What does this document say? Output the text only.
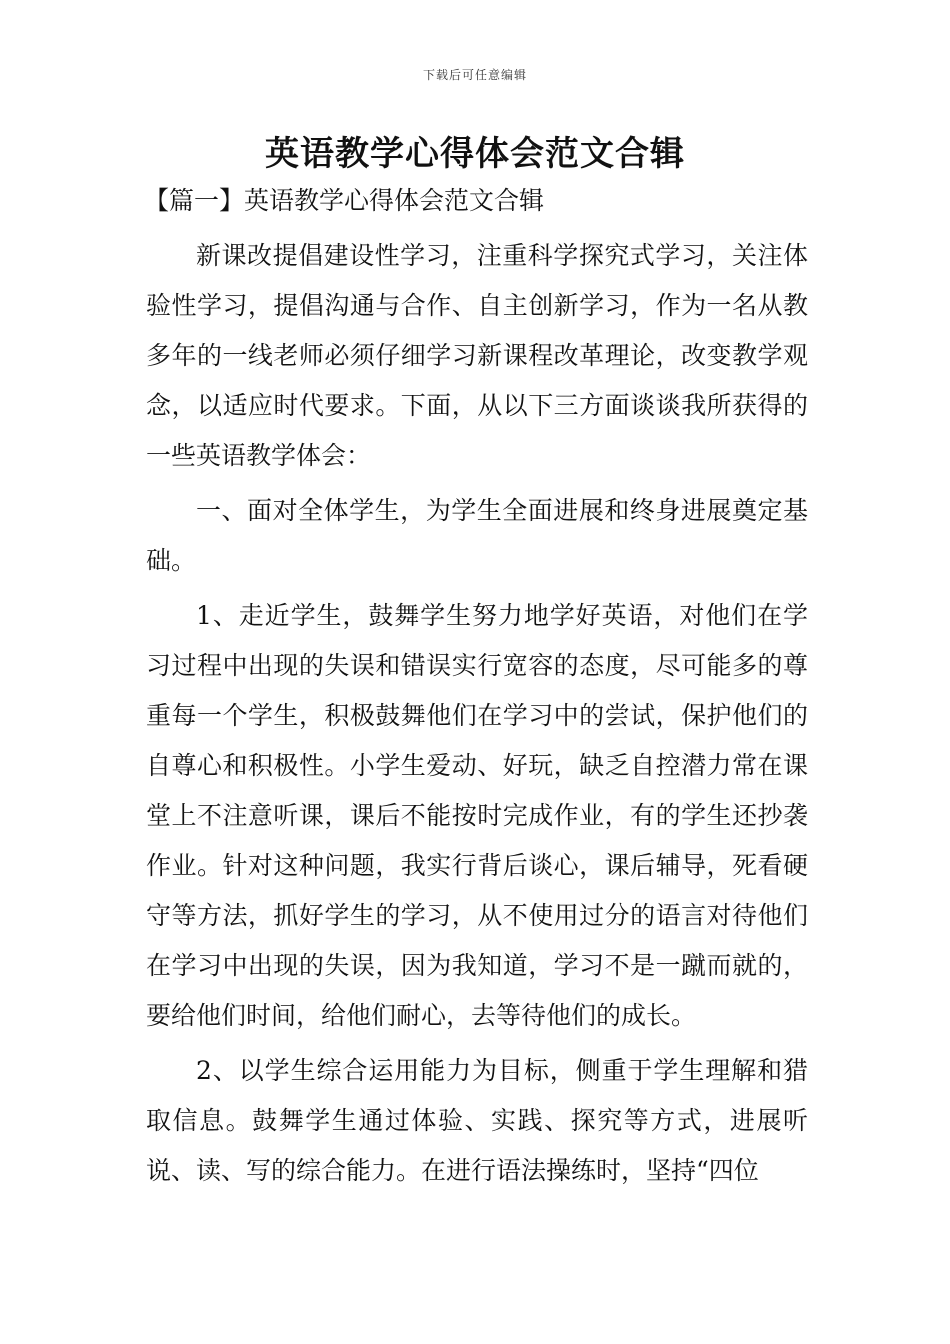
下载后可任意编辑
英语教学心得体会范文合辑
【篇一】英语教学心得体会范文合辑

新课改提倡建设性学习，注重科学探究式学习，关注体验性学习，提倡沟通与合作、自主创新学习，作为一名从教多年的一线老师必须仔细学习新课程改革理论，改变教学观念，以适应时代要求。下面，从以下三方面谈谈我所获得的一些英语教学体会：

一、面对全体学生，为学生全面进展和终身进展奠定基础。

1、走近学生，鼓舞学生努力地学好英语，对他们在学习过程中出现的失误和错误实行宽容的态度，尽可能多的尊重每一个学生，积极鼓舞他们在学习中的尝试，保护他们的自尊心和积极性。小学生爱动、好玩，缺乏自控潜力常在课堂上不注意听课，课后不能按时完成作业，有的学生还抄袭作业。针对这种问题，我实行背后谈心，课后辅导，死看硬守等方法，抓好学生的学习，从不使用过分的语言对待他们在学习中出现的失误，因为我知道，学习不是一蹴而就的，要给他们时间，给他们耐心，去等待他们的成长。

2、以学生综合运用能力为目标，侧重于学生理解和猎取信息。鼓舞学生通过体验、实践、探究等方式，进展听说、读、写的综合能力。在进行语法操练时，坚持“四位
